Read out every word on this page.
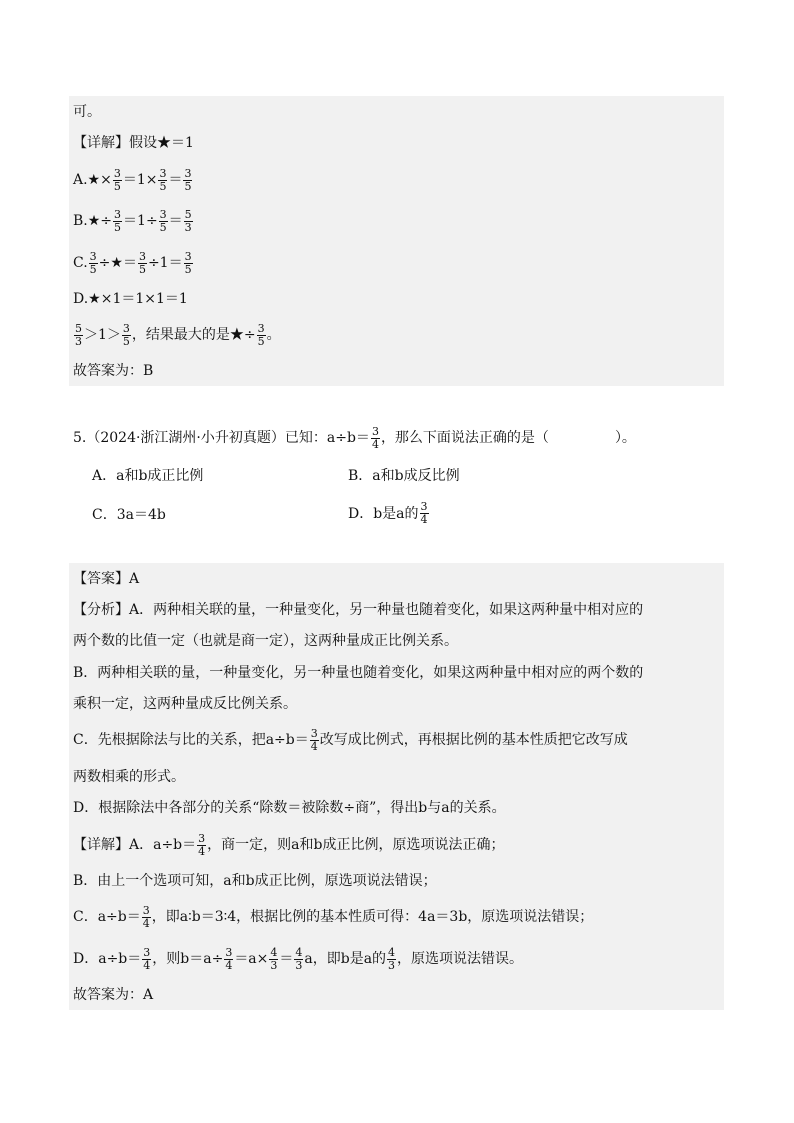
可。
【详解】假设★＝1
A.★× $\frac{3}{5} =1\times \frac{3}{5} = \frac{3}{5}$
B.★÷ $\frac{3}{5} =1\div \frac{3}{5} = \frac{5}{3}$
C. $\frac{3}{5}$ ÷★＝ $\frac{3}{5} \div 1= \frac{3}{5}$
D.★×1＝1×1＝1
$\frac{5}{3} >1> \frac{3}{5}$ ，结果最大的是★÷ $\frac{3}{5}$ 。
故答案为：B
5.（2024·浙江湖州·小升初真题）已知：$a\div b= \frac{3}{4}$ ，那么下面说法正确的是（	）。
A．a和b成正比例	B．a和b成反比例
C．3a＝4b	D．b是a的 $\frac{3}{4}$
【答案】A
【分析】A．两种相关联的量，一种量变化，另一种量也随着变化，如果这两种量中相对应的
两个数的比值一定（也就是商一定），这两种量成正比例关系。
B．两种相关联的量，一种量变化，另一种量也随着变化，如果这两种量中相对应的两个数的
乘积一定，这两种量成反比例关系。
C．先根据除法与比的关系，把$a\div b= \frac{3}{4}$ 改写成比例式，再根据比例的基本性质把它改写成
两数相乘的形式。
D．根据除法中各部分的关系“除数＝被除数÷商”，得出b与a的关系。
【详解】A．$a\div b= \frac{3}{4}$ ，商一定，则a和b成正比例，原选项说法正确；
B．由上一个选项可知，a和b成正比例，原选项说法错误；
C．$a\div b= \frac{3}{4}$ ，即a∶b＝3∶4，根据比例的基本性质可得：4a＝3b，原选项说法错误；
D．$a\div b= \frac{3}{4}$ ，则$b=a\div \frac{3}{4} =a\times \frac{4}{3} = \frac{4}{3}$ a，即b是a的 $\frac{4}{3}$ ，原选项说法错误。
故答案为：A
